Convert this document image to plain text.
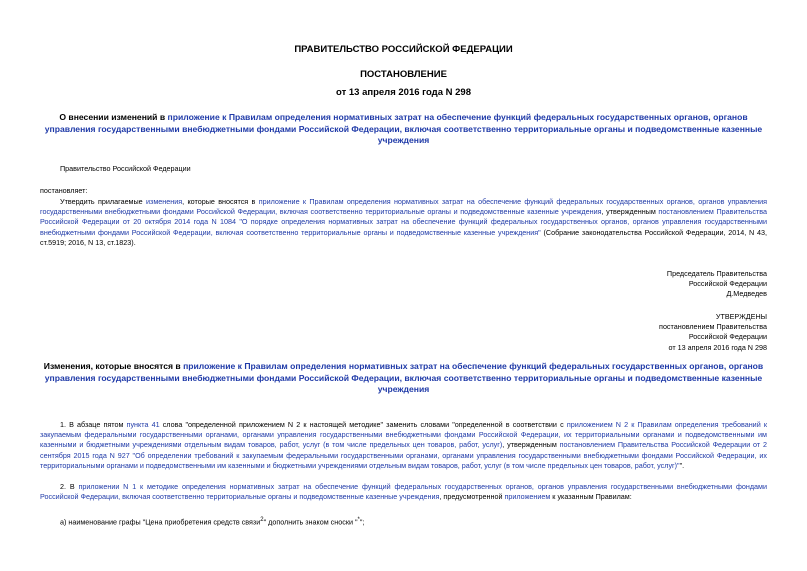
ПРАВИТЕЛЬСТВО РОССИЙСКОЙ ФЕДЕРАЦИИ
ПОСТАНОВЛЕНИЕ
от 13 апреля 2016 года N 298
О внесении изменений в приложение к Правилам определения нормативных затрат на обеспечение функций федеральных государственных органов, органов управления государственными внебюджетными фондами Российской Федерации, включая соответственно территориальные органы и подведомственные казенные учреждения
Правительство Российской Федерации
постановляет:
Утвердить прилагаемые изменения, которые вносятся в приложение к Правилам определения нормативных затрат на обеспечение функций федеральных государственных органов, органов управления государственными внебюджетными фондами Российской Федерации, включая соответственно территориальные органы и подведомственные казенные учреждения, утвержденным постановлением Правительства Российской Федерации от 20 октября 2014 года N 1084 "О порядке определения нормативных затрат на обеспечение функций федеральных государственных органов, органов управления государственными внебюджетными фондами Российской Федерации, включая соответственно территориальные органы и подведомственные казенные учреждения" (Собрание законодательства Российской Федерации, 2014, N 43, ст.5919; 2016, N 13, ст.1823).
Председатель Правительства
Российской Федерации
Д.Медведев
УТВЕРЖДЕНЫ
постановлением Правительства
Российской Федерации
от 13 апреля 2016 года N 298
Изменения, которые вносятся в приложение к Правилам определения нормативных затрат на обеспечение функций федеральных государственных органов, органов управления государственными внебюджетными фондами Российской Федерации, включая соответственно территориальные органы и подведомственные казенные учреждения
1. В абзаце пятом пункта 41 слова "определенной приложением N 2 к настоящей методике" заменить словами "определенной в соответствии с приложением N 2 к Правилам определения требований к закупаемым федеральными государственными органами, органами управления государственными внебюджетными фондами Российской Федерации, их территориальными органами и подведомственными им казенными и бюджетными учреждениями отдельным видам товаров, работ, услуг (в том числе предельных цен товаров, работ, услуг), утвержденным постановлением Правительства Российской Федерации от 2 сентября 2015 года N 927 "Об определении требований к закупаемым федеральными государственными органами, органами управления государственными внебюджетными фондами Российской Федерации, их территориальными органами и подведомственными им казенными и бюджетными учреждениями отдельным видам товаров, работ, услуг (в том числе предельных цен товаров, работ, услуг)"".
2. В приложении N 1 к методике определения нормативных затрат на обеспечение функций федеральных государственных органов, органов управления государственными внебюджетными фондами Российской Федерации, включая соответственно территориальные органы и подведомственные казенные учреждения, предусмотренной приложением к указанным Правилам:
а) наименование графы "Цена приобретения средств связи$^2$" дополнить знаком сноски "*";
